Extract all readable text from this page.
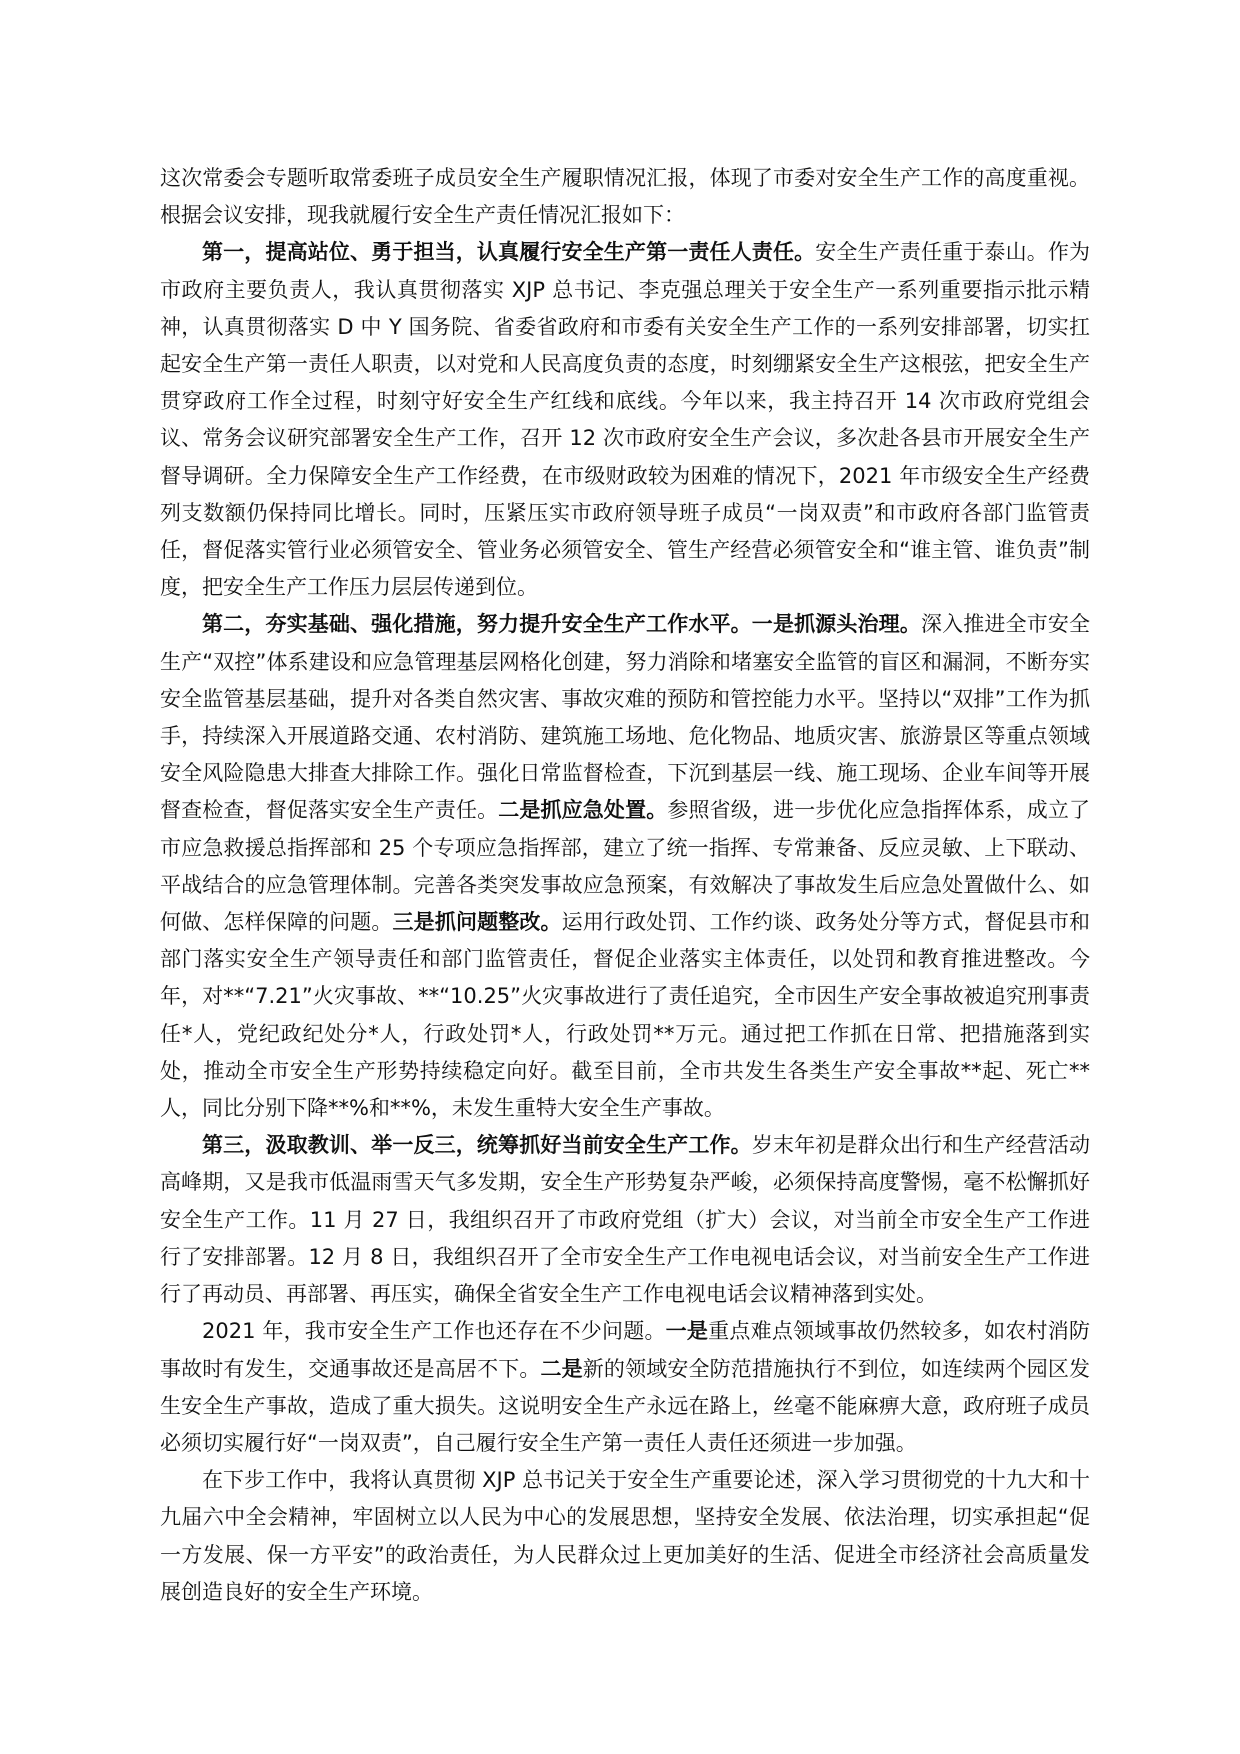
这次常委会专题听取常委班子成员安全生产履职情况汇报，体现了市委对安全生产工作的高度重视。根据会议安排，现我就履行安全生产责任情况汇报如下：

第一，提高站位、勇于担当，认真履行安全生产第一责任人责任。安全生产责任重于泰山。作为市政府主要负责人，我认真贯彻落实 XJP 总书记、李克强总理关于安全生产一系列重要指示批示精神，认真贯彻落实 D 中 Y 国务院、省委省政府和市委有关安全生产工作的一系列安排部署，切实扛起安全生产第一责任人职责，以对党和人民高度负责的态度，时刻绷紧安全生产这根弦，把安全生产贯穿政府工作全过程，时刻守好安全生产红线和底线。今年以来，我主持召开 14 次市政府党组会议、常务会议研究部署安全生产工作，召开 12 次市政府安全生产会议，多次赴各县市开展安全生产督导调研。全力保障安全生产工作经费，在市级财政较为困难的情况下，2021 年市级安全生产经费列支数额仍保持同比增长。同时，压紧压实市政府领导班子成员“一岗双责”和市政府各部门监管责任，督促落实管行业必须管安全、管业务必须管安全、管生产经营必须管安全和“谁主管、谁负责”制度，把安全生产工作压力层层传递到位。

第二，夯实基础、强化措施，努力提升安全生产工作水平。一是抓源头治理。深入推进全市安全生产“双控”体系建设和应急管理基层网格化创建，努力消除和堵塞安全监管的盲区和漏洞，不断夯实安全监管基层基础，提升对各类自然灾害、事故灾难的预防和管控能力水平。坚持以“双排”工作为抓手，持续深入开展道路交通、农村消防、建筑施工场地、危化物品、地质灾害、旅游景区等重点领域安全风险隐患大排查大排除工作。强化日常监督检查，下沉到基层一线、施工现场、企业车间等开展督查检查，督促落实安全生产责任。二是抓应急处置。参照省级，进一步优化应急指挥体系，成立了市应急救援总指挥部和 25 个专项应急指挥部，建立了统一指挥、专常兼备、反应灵敏、上下联动、平战结合的应急管理体制。完善各类突发事故应急预案，有效解决了事故发生后应急处置做什么、如何做、怎样保障的问题。三是抓问题整改。运用行政处罚、工作约谈、政务处分等方式，督促县市和部门落实安全生产领导责任和部门监管责任，督促企业落实主体责任，以处罚和教育推进整改。今年，对**“7.21”火灾事故、**“10.25”火灾事故进行了责任追究，全市因生产安全事故被追究刑事责任*人，党纪政纪处分*人，行政处罚*人，行政处罚**万元。通过把工作抓在日常、把措施落到实处，推动全市安全生产形势持续稳定向好。截至目前，全市共发生各类生产安全事故**起、死亡**人，同比分别下降**%和**%，未发生重特大安全生产事故。

第三，汲取教训、举一反三，统筹抓好当前安全生产工作。岁末年初是群众出行和生产经营活动高峰期，又是我市低温雨雪天气多发期，安全生产形势复杂严峻，必须保持高度警惕，毫不松懈抓好安全生产工作。11 月 27 日，我组织召开了市政府党组（扩大）会议，对当前全市安全生产工作进行了安排部署。12 月 8 日，我组织召开了全市安全生产工作电视电话会议，对当前安全生产工作进行了再动员、再部署、再压实，确保全省安全生产工作电视电话会议精神落到实处。

2021 年，我市安全生产工作也还存在不少问题。一是重点难点领域事故仍然较多，如农村消防事故时有发生，交通事故还是高居不下。二是新的领域安全防范措施执行不到位，如连续两个园区发生安全生产事故，造成了重大损失。这说明安全生产永远在路上，丝毫不能麻痹大意，政府班子成员必须切实履行好“一岗双责”，自己履行安全生产第一责任人责任还须进一步加强。

在下步工作中，我将认真贯彻 XJP 总书记关于安全生产重要论述，深入学习贯彻党的十九大和十九届六中全会精神，牢固树立以人民为中心的发展思想，坚持安全发展、依法治理，切实承担起“促一方发展、保一方平安”的政治责任，为人民群众过上更加美好的生活、促进全市经济社会高质量发展创造良好的安全生产环境。
